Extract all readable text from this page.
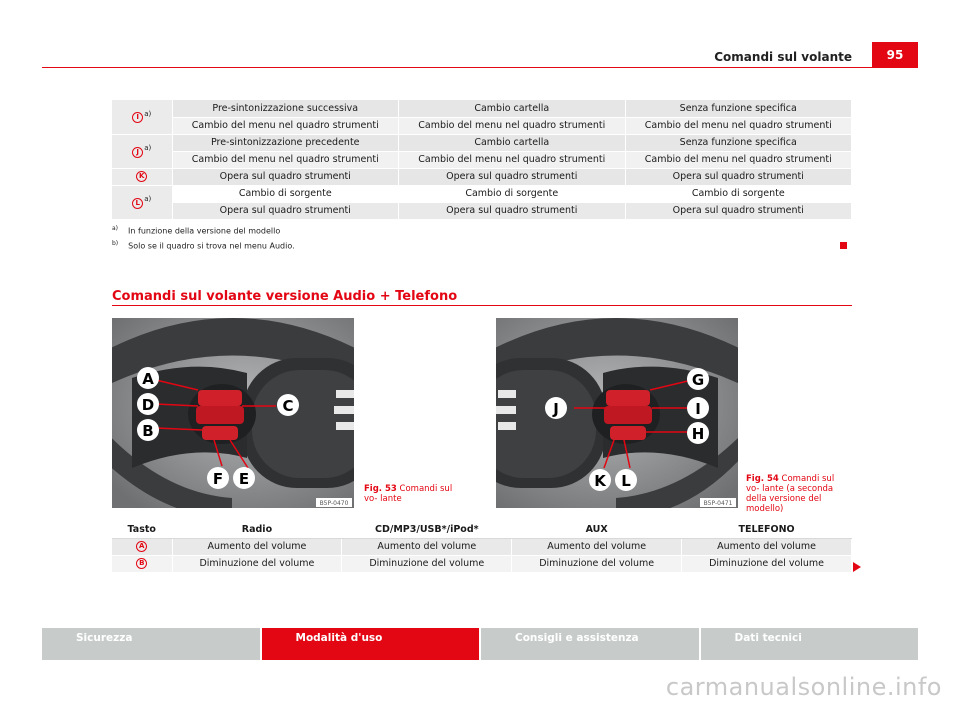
Comandi sul volante	95
I $^{a)}$	Pre-sintonizzazione successiva	Cambio cartella	Senza funzione specifica
	Cambio del menu nel quadro strumenti	Cambio del menu nel quadro strumenti	Cambio del menu nel quadro strumenti
J $^{a)}$	Pre-sintonizzazione precedente	Cambio cartella	Senza funzione specifica
	Cambio del menu nel quadro strumenti	Cambio del menu nel quadro strumenti	Cambio del menu nel quadro strumenti
K	Opera sul quadro strumenti	Opera sul quadro strumenti	Opera sul quadro strumenti
L $^{a)}$	Cambio di sorgente	Cambio di sorgente	Cambio di sorgente
	Opera sul quadro strumenti	Opera sul quadro strumenti	Opera sul quadro strumenti
$^{a)}$ In funzione della versione del modello
$^{b)}$ Solo se il quadro si trova nel menu Audio.
Comandi sul volante versione Audio + Telefono
A
D
B
C
F E
B5P-0470
Fig. 53 Comandi sul vo- lante
G
J	I
H
K L
B5P-0471
Fig. 54 Comandi sul vo- lante (a seconda della versione del modello)
Tasto	Radio	CD/MP3/USB*/iPod*	AUX	TELEFONO
A	Aumento del volume	Aumento del volume	Aumento del volume	Aumento del volume
B	Diminuzione del volume	Diminuzione del volume	Diminuzione del volume	Diminuzione del volume
Sicurezza	Modalità d'uso	Consigli e assistenza	Dati tecnici
carmanualsonline.info
